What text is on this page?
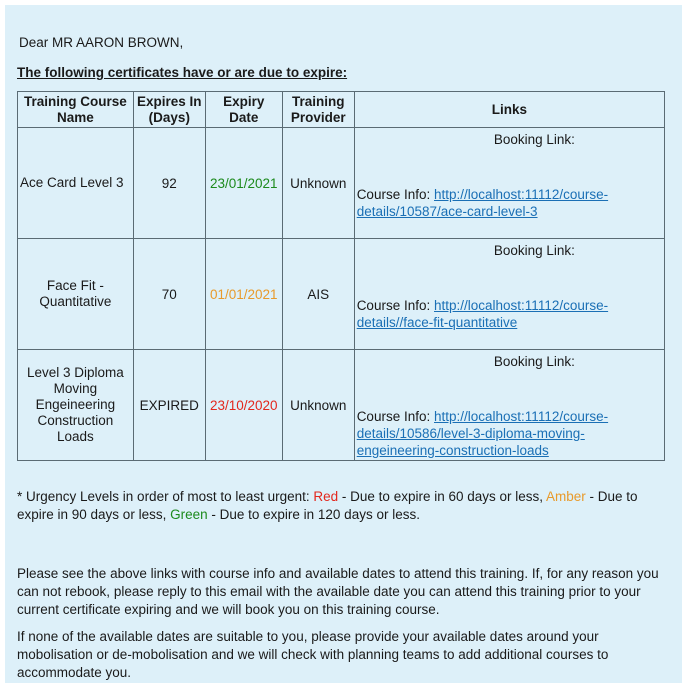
Dear MR AARON BROWN,
The following certificates have or are due to expire:
Training Course Name	Expires In (Days)	Expiry Date	Training Provider	Links
Ace Card Level 3	92	23/01/2021	Unknown	Booking Link:
Course Info: http://localhost:11112/course-details/10587/ace-card-level-3

Face Fit - Quantitative	70	01/01/2021	AIS	Booking Link:
Course Info: http://localhost:11112/course-details//face-fit-quantitative

Level 3 Diploma Moving Engeineering Construction Loads	EXPIRED	23/10/2020	Unknown	Booking Link:
Course Info: http://localhost:11112/course-details/10586/level-3-diploma-moving-engeineering-construction-loads
* Urgency Levels in order of most to least urgent: Red - Due to expire in 60 days or less, Amber - Due to expire in 90 days or less, Green - Due to expire in 120 days or less.
Please see the above links with course info and available dates to attend this training. If, for any reason you can not rebook, please reply to this email with the available date you can attend this training prior to your current certificate expiring and we will book you on this training course.
If none of the available dates are suitable to you, please provide your available dates around your mobolisation or de-mobolisation and we will check with planning teams to add additional courses to accommodate you.
